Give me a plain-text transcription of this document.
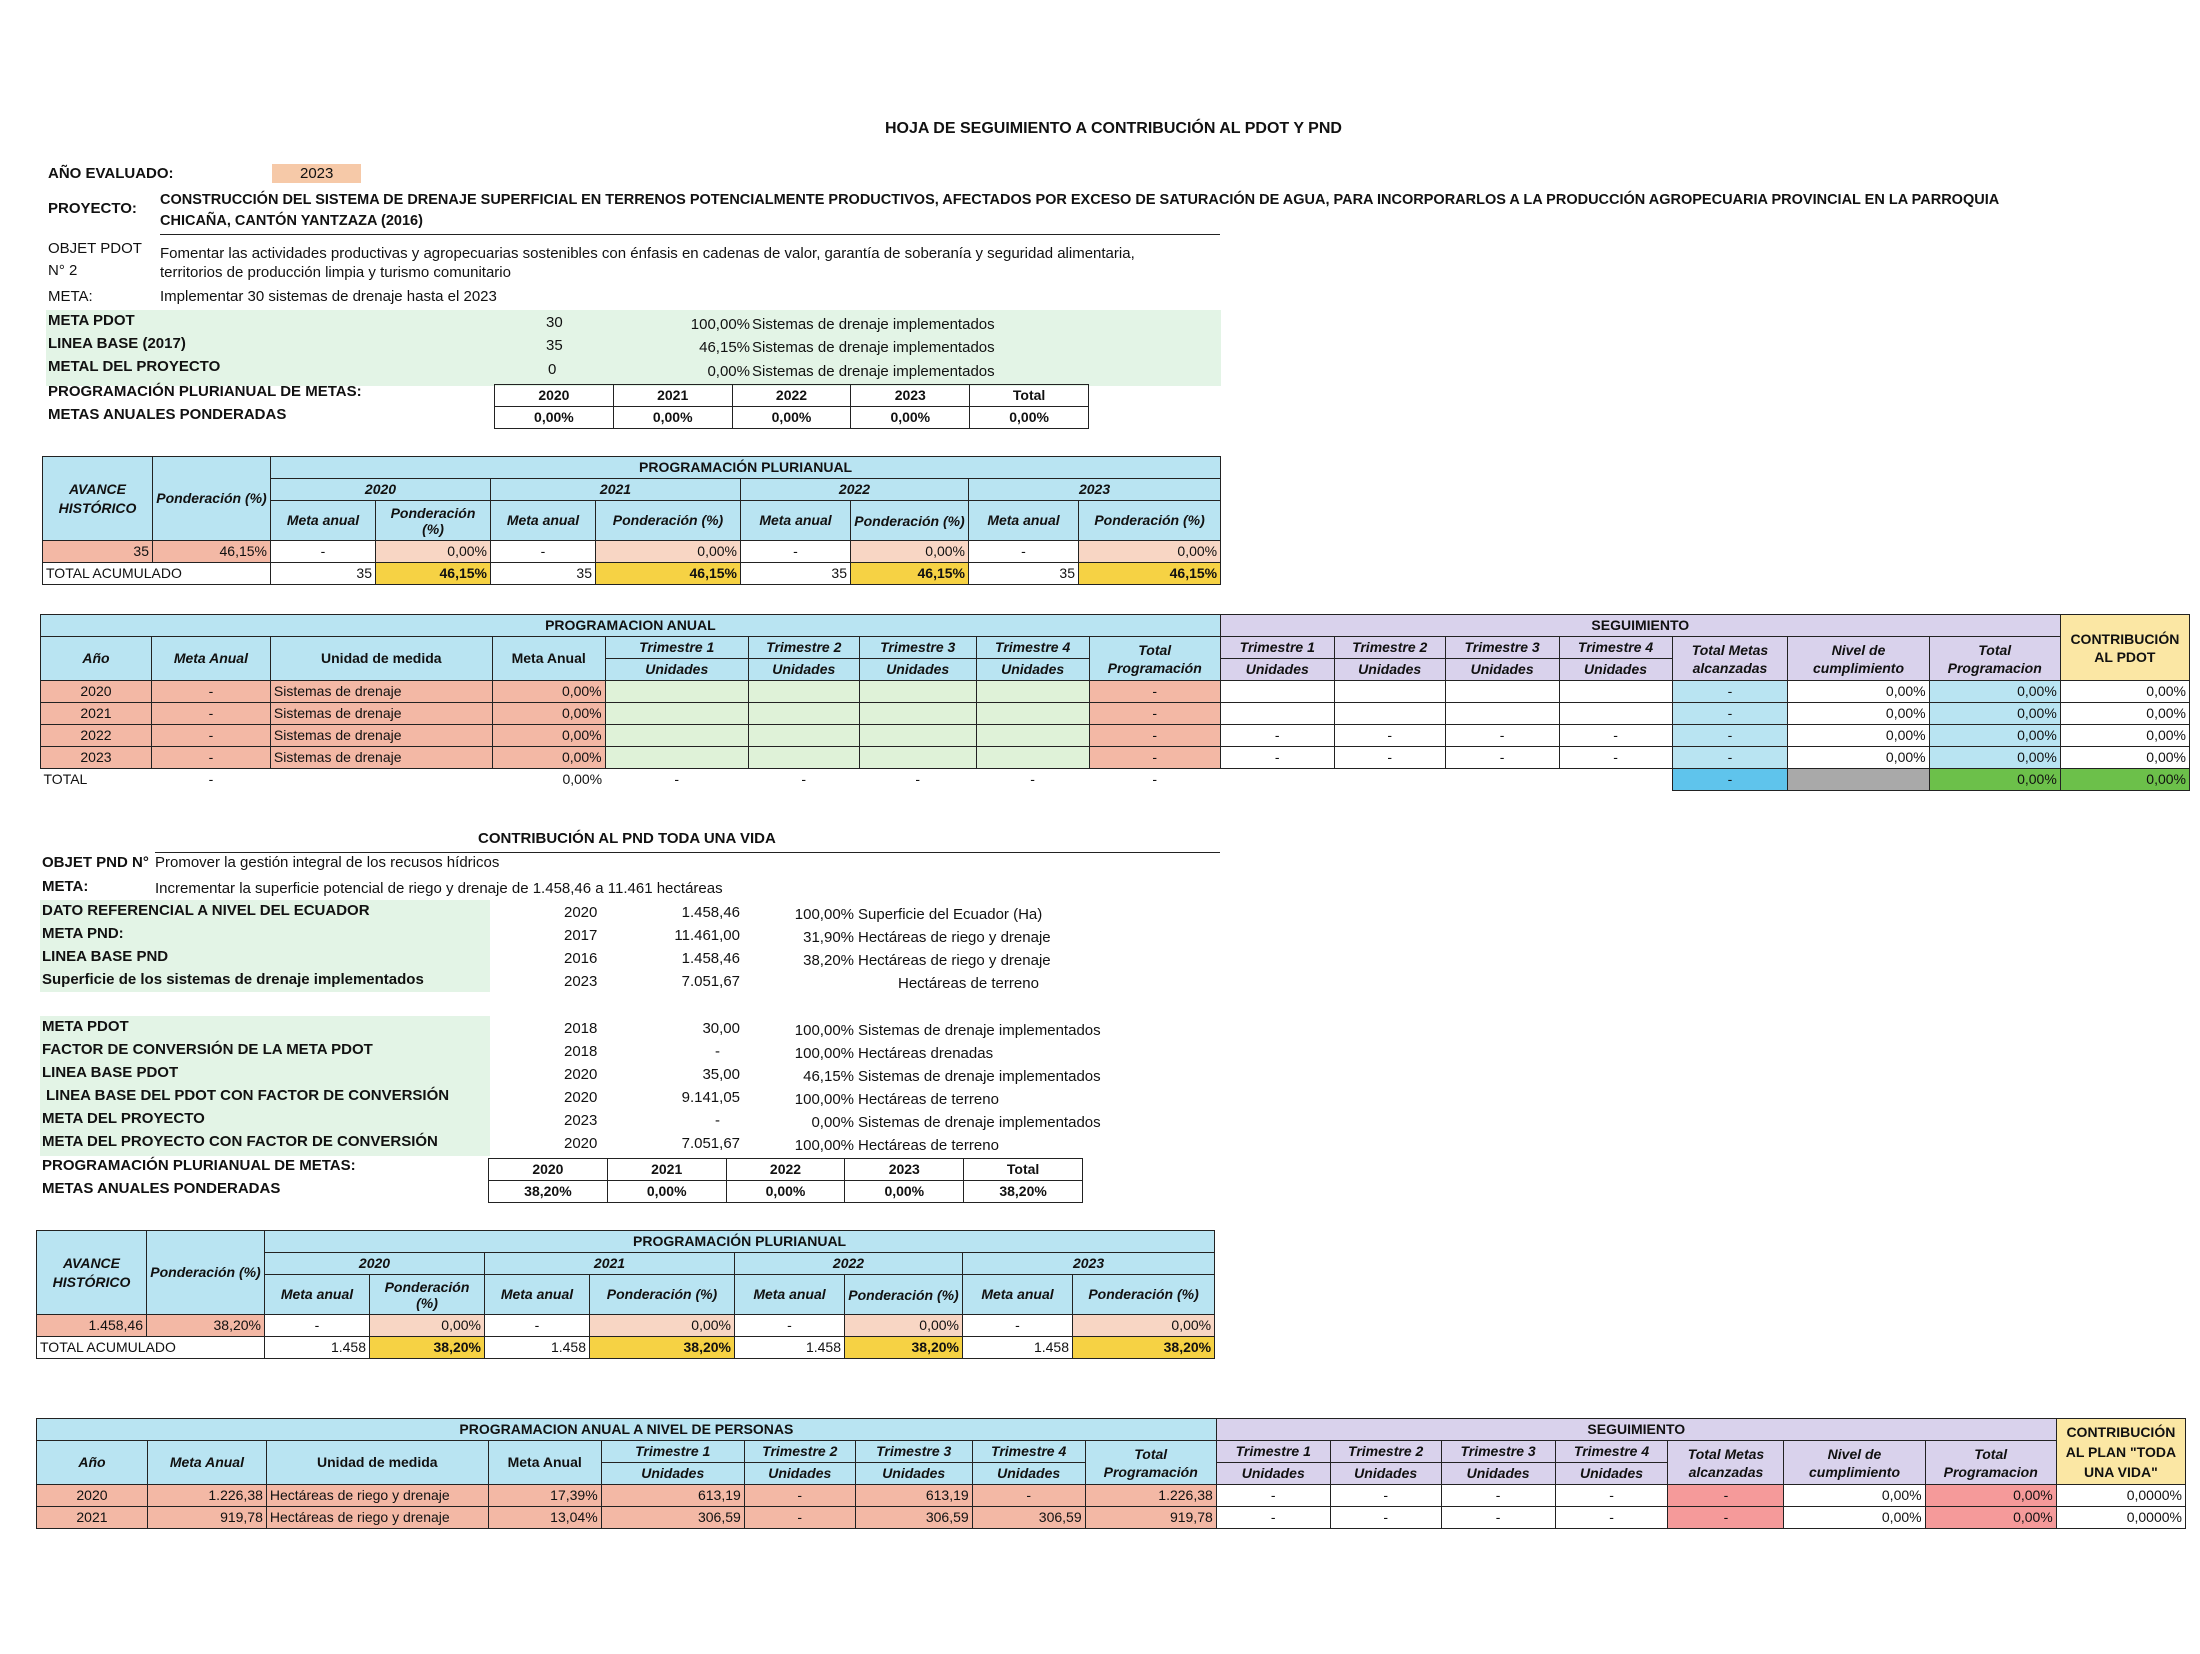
HOJA DE SEGUIMIENTO A CONTRIBUCIÓN AL PDOT Y PND
AÑO EVALUADO:	2023
PROYECTO: CONSTRUCCIÓN DEL SISTEMA DE DRENAJE SUPERFICIAL EN TERRENOS POTENCIALMENTE PRODUCTIVOS, AFECTADOS POR EXCESO DE SATURACIÓN DE AGUA, PARA INCORPORARLOS A LA PRODUCCIÓN AGROPECUARIA PROVINCIAL EN LA PARROQUIA
CHICAÑA, CANTÓN YANTZAZA (2016)
OBJET PDOT
N° 2
Fomentar las actividades productivas y agropecuarias sostenibles con énfasis en cadenas de valor, garantía de soberanía y seguridad alimentaria,
territorios de producción limpia y turismo comunitario
META:	Implementar 30 sistemas de drenaje hasta el 2023
META PDOT	30	100,00% Sistemas de drenaje implementados
LINEA BASE (2017)	35	46,15% Sistemas de drenaje implementados
METAL DEL PROYECTO	0	0,00% Sistemas de drenaje implementados
PROGRAMACIÓN PLURIANUAL DE METAS:
METAS ANUALES PONDERADAS
2020	2021	2022	2023	Total
0,00%	0,00%	0,00%	0,00%	0,00%
AVANCE HISTÓRICO	Ponderación (%)	PROGRAMACIÓN PLURIANUAL							
		2020		2021		2022		2023	
		Meta anual	Ponderación (%)	Meta anual	Ponderación (%)	Meta anual	Ponderación (%)	Meta anual	Ponderación (%)
35	46,15%	-	0,00%	-	0,00%	-	0,00%	-	0,00%
TOTAL ACUMULADO		35	46,15%	35	46,15%	35	46,15%	35	46,15%
PROGRAMACION ANUAL									SEGUIMIENTO							CONTRIBUCIÓN AL PDOT
Año	Meta Anual	Unidad de medida	Meta Anual	Trimestre 1	Trimestre 2	Trimestre 3	Trimestre 4	Total Programación	Trimestre 1	Trimestre 2	Trimestre 3	Trimestre 4	Total Metas alcanzadas	Nivel de cumplimiento	Total Programacion	
				Unidades	Unidades	Unidades	Unidades		Unidades	Unidades	Unidades	Unidades				
2020	-	Sistemas de drenaje	0,00%					-					-	0,00%	0,00%	0,00%
2021	-	Sistemas de drenaje	0,00%					-					-	0,00%	0,00%	0,00%
2022	-	Sistemas de drenaje	0,00%					-	-	-	-	-	-	0,00%	0,00%	0,00%
2023	-	Sistemas de drenaje	0,00%					-	-	-	-	-	-	0,00%	0,00%	0,00%
TOTAL	-		0,00%	-	-	-	-	-					-		0,00%	0,00%
CONTRIBUCIÓN AL PND TODA UNA VIDA
OBJET PND N° Promover la gestión integral de los recusos hídricos
META:	Incrementar la superficie potencial de riego y drenaje de 1.458,46 a 11.461 hectáreas
DATO REFERENCIAL A NIVEL DEL ECUADOR	2020	1.458,46	100,00% Superficie del Ecuador (Ha)
META PND:	2017	11.461,00	31,90% Hectáreas de riego y drenaje
LINEA BASE PND	2016	1.458,46	38,20% Hectáreas de riego y drenaje
Superficie de los sistemas de drenaje implementados	2023	7.051,67	Hectáreas de terreno
META PDOT	2018	30,00	100,00% Sistemas de drenaje implementados
FACTOR DE CONVERSIÓN DE LA META PDOT	2018	-	100,00% Hectáreas drenadas
LINEA BASE PDOT	2020	35,00	46,15% Sistemas de drenaje implementados
LINEA BASE DEL PDOT CON FACTOR DE CONVERSIÓN	2020	9.141,05	100,00% Hectáreas de terreno
META DEL PROYECTO	2023	-	0,00% Sistemas de drenaje implementados
META DEL PROYECTO CON FACTOR DE CONVERSIÓN	2020	7.051,67	100,00% Hectáreas de terreno
PROGRAMACIÓN PLURIANUAL DE METAS:
METAS ANUALES PONDERADAS
2020	2021	2022	2023	Total
38,20%	0,00%	0,00%	0,00%	38,20%
AVANCE HISTÓRICO	Ponderación (%)	PROGRAMACIÓN PLURIANUAL							
		2020		2021		2022		2023	
		Meta anual	Ponderación (%)	Meta anual	Ponderación (%)	Meta anual	Ponderación (%)	Meta anual	Ponderación (%)
1.458,46	38,20%	-	0,00%	-	0,00%	-	0,00%	-	0,00%
TOTAL ACUMULADO		1.458	38,20%	1.458	38,20%	1.458	38,20%	1.458	38,20%
PROGRAMACION ANUAL A NIVEL DE PERSONAS									SEGUIMIENTO							CONTRIBUCIÓN AL PLAN "TODA UNA VIDA"
Año	Meta Anual	Unidad de medida	Meta Anual	Trimestre 1	Trimestre 2	Trimestre 3	Trimestre 4	Total Programación	Trimestre 1	Trimestre 2	Trimestre 3	Trimestre 4	Total Metas alcanzadas	Nivel de cumplimiento	Total Programacion	
				Unidades	Unidades	Unidades	Unidades		Unidades	Unidades	Unidades	Unidades				
2020	1.226,38	Hectáreas de riego y drenaje	17,39%	613,19	-	613,19	-	1.226,38	-	-	-	-	-	0,00%	0,00%	0,0000%
2021	919,78	Hectáreas de riego y drenaje	13,04%	306,59	-	306,59	306,59	919,78	-	-	-	-	-	0,00%	0,00%	0,0000%
